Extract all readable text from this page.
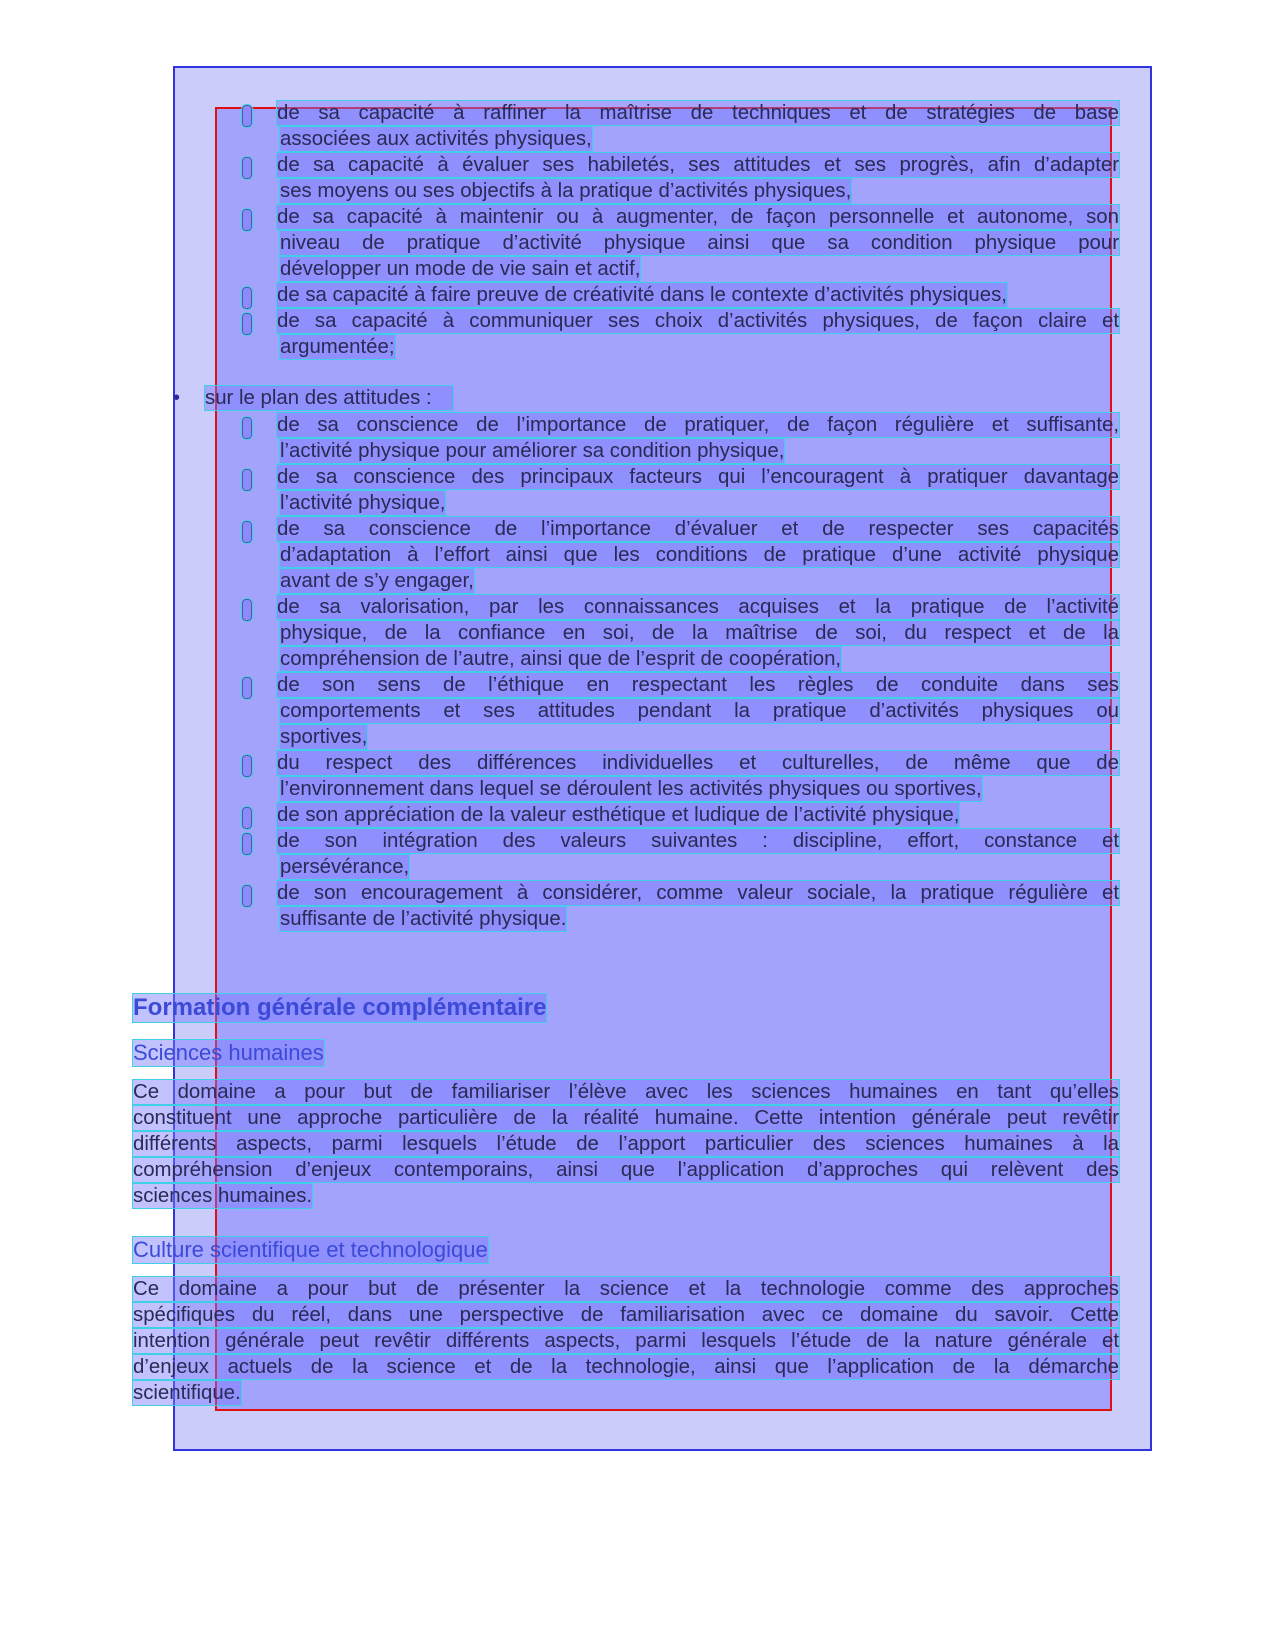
• sur le plan des attitudes :
Formation générale complémentaire
Sciences humaines
Culture scientifique et technologique
de sa capacité à raffiner la maîtrise de techniques et de stratégies de base
associées aux activités physiques,
de sa capacité à évaluer ses habiletés, ses attitudes et ses progrès, afin d’adapter
ses moyens ou ses objectifs à la pratique d’activités physiques,
de sa capacité à maintenir ou à augmenter, de façon personnelle et autonome, son
niveau de pratique d’activité physique ainsi que sa condition physique pour
développer un mode de vie sain et actif,
de sa capacité à faire preuve de créativité dans le contexte d’activités physiques,
de sa capacité à communiquer ses choix d’activités physiques, de façon claire et
argumentée;
de sa conscience de l’importance de pratiquer, de façon régulière et suffisante,
l’activité physique pour améliorer sa condition physique,
de sa conscience des principaux facteurs qui l’encouragent à pratiquer davantage
l’activité physique,
de sa conscience de l’importance d’évaluer et de respecter ses capacités
d’adaptation à l’effort ainsi que les conditions de pratique d’une activité physique
avant de s’y engager,
de sa valorisation, par les connaissances acquises et la pratique de l’activité
physique, de la confiance en soi, de la maîtrise de soi, du respect et de la
compréhension de l’autre, ainsi que de l’esprit de coopération,
de son sens de l’éthique en respectant les règles de conduite dans ses
comportements et ses attitudes pendant la pratique d’activités physiques ou
sportives,
du respect des différences individuelles et culturelles, de même que de
l’environnement dans lequel se déroulent les activités physiques ou sportives,
de son appréciation de la valeur esthétique et ludique de l’activité physique,
de son intégration des valeurs suivantes : discipline, effort, constance et
persévérance,
de son encouragement à considérer, comme valeur sociale, la pratique régulière et
suffisante de l’activité physique.
Ce domaine a pour but de familiariser l’élève avec les sciences humaines en tant qu’elles
constituent une approche particulière de la réalité humaine. Cette intention générale peut revêtir
différents aspects, parmi lesquels l’étude de l’apport particulier des sciences humaines à la
compréhension d’enjeux contemporains, ainsi que l’application d’approches qui relèvent des
sciences humaines.
Ce domaine a pour but de présenter la science et la technologie comme des approches
spécifiques du réel, dans une perspective de familiarisation avec ce domaine du savoir. Cette
intention générale peut revêtir différents aspects, parmi lesquels l’étude de la nature générale et
d’enjeux actuels de la science et de la technologie, ainsi que l’application de la démarche
scientifique.
